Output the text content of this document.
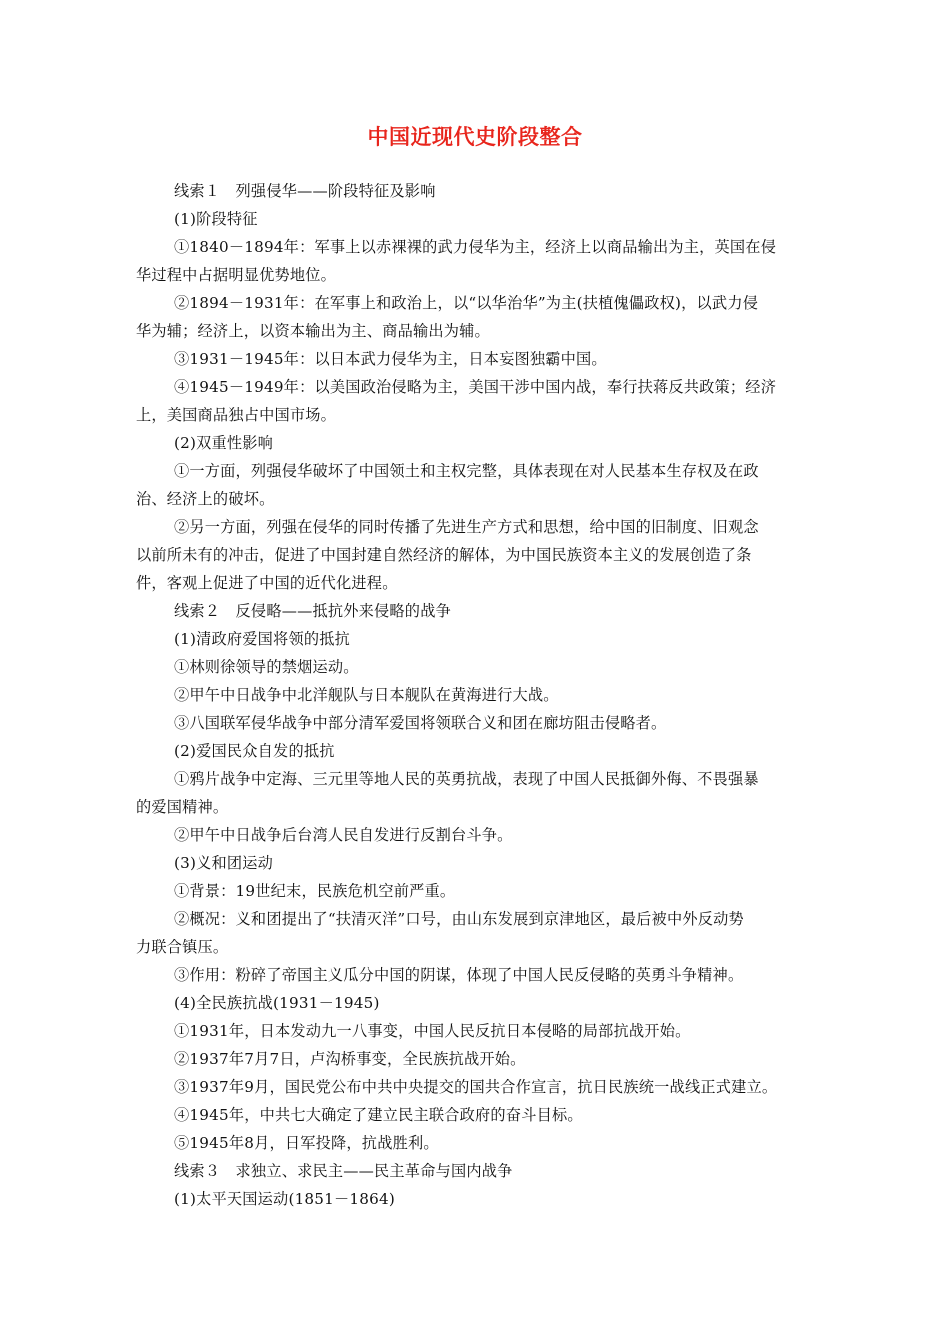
中国近现代史阶段整合
线索１　列强侵华——阶段特征及影响
(1)阶段特征
①1840－1894年：军事上以赤裸裸的武力侵华为主，经济上以商品输出为主，英国在侵
华过程中占据明显优势地位。
②1894－1931年：在军事上和政治上，以“以华治华”为主(扶植傀儡政权)，以武力侵
华为辅；经济上，以资本输出为主、商品输出为辅。
③1931－1945年：以日本武力侵华为主，日本妄图独霸中国。
④1945－1949年：以美国政治侵略为主，美国干涉中国内战，奉行扶蒋反共政策；经济
上，美国商品独占中国市场。
(2)双重性影响
①一方面，列强侵华破坏了中国领土和主权完整，具体表现在对人民基本生存权及在政
治、经济上的破坏。
②另一方面，列强在侵华的同时传播了先进生产方式和思想，给中国的旧制度、旧观念
以前所未有的冲击，促进了中国封建自然经济的解体，为中国民族资本主义的发展创造了条
件，客观上促进了中国的近代化进程。
线索２　反侵略——抵抗外来侵略的战争
(1)清政府爱国将领的抵抗
①林则徐领导的禁烟运动。
②甲午中日战争中北洋舰队与日本舰队在黄海进行大战。
③八国联军侵华战争中部分清军爱国将领联合义和团在廊坊阻击侵略者。
(2)爱国民众自发的抵抗
①鸦片战争中定海、三元里等地人民的英勇抗战，表现了中国人民抵御外侮、不畏强暴
的爱国精神。
②甲午中日战争后台湾人民自发进行反割台斗争。
(3)义和团运动
①背景：19世纪末，民族危机空前严重。
②概况：义和团提出了“扶清灭洋”口号，由山东发展到京津地区，最后被中外反动势
力联合镇压。
③作用：粉碎了帝国主义瓜分中国的阴谋，体现了中国人民反侵略的英勇斗争精神。
(4)全民族抗战(1931－1945)
①1931年，日本发动九一八事变，中国人民反抗日本侵略的局部抗战开始。
②1937年7月7日，卢沟桥事变，全民族抗战开始。
③1937年9月，国民党公布中共中央提交的国共合作宣言，抗日民族统一战线正式建立。
④1945年，中共七大确定了建立民主联合政府的奋斗目标。
⑤1945年8月，日军投降，抗战胜利。
线索３　求独立、求民主——民主革命与国内战争
(1)太平天国运动(1851－1864)
